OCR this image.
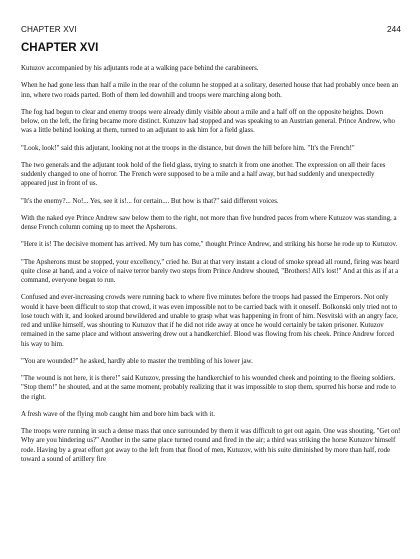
CHAPTER XVI	244
CHAPTER XVI

Kutuzov accompanied by his adjutants rode at a walking pace behind the carabineers.

When he had gone less than half a mile in the rear of the column he stopped at a solitary, deserted house that had probably once been an inn, where two roads parted. Both of them led downhill and troops were marching along both.

The fog had begun to clear and enemy troops were already dimly visible about a mile and a half off on the opposite heights. Down below, on the left, the firing became more distinct. Kutuzov had stopped and was speaking to an Austrian general. Prince Andrew, who was a little behind looking at them, turned to an adjutant to ask him for a field glass.

"Look, look!" said this adjutant, looking not at the troops in the distance, but down the hill before him. "It's the French!"

The two generals and the adjutant took hold of the field glass, trying to snatch it from one another. The expression on all their faces suddenly changed to one of horror. The French were supposed to be a mile and a half away, but had suddenly and unexpectedly appeared just in front of us.

"It's the enemy?... No!... Yes, see it is!... for certain.... But how is that?" said different voices.

With the naked eye Prince Andrew saw below them to the right, not more than five hundred paces from where Kutuzov was standing, a dense French column coming up to meet the Apsherons.

"Here it is! The decisive moment has arrived. My turn has come," thought Prince Andrew, and striking his horse he rode up to Kutuzov.

"The Apsherons must be stopped, your excellency," cried he. But at that very instant a cloud of smoke spread all round, firing was heard quite close at hand, and a voice of naive terror barely two steps from Prince Andrew shouted, "Brothers! All's lost!" And at this as if at a command, everyone began to run.

Confused and ever-increasing crowds were running back to where five minutes before the troops had passed the Emperors. Not only would it have been difficult to stop that crowd, it was even impossible not to be carried back with it oneself. Bolkonski only tried not to lose touch with it, and looked around bewildered and unable to grasp what was happening in front of him. Nesvitski with an angry face, red and unlike himself, was shouting to Kutuzov that if he did not ride away at once he would certainly be taken prisoner. Kutuzov remained in the same place and without answering drew out a handkerchief. Blood was flowing from his cheek. Prince Andrew forced his way to him.

"You are wounded?" he asked, hardly able to master the trembling of his lower jaw.

"The wound is not here, it is there!" said Kutuzov, pressing the handkerchief to his wounded cheek and pointing to the fleeing soldiers. "Stop them!" he shouted, and at the same moment, probably realizing that it was impossible to stop them, spurred his horse and rode to the right.

A fresh wave of the flying mob caught him and bore him back with it.

The troops were running in such a dense mass that once surrounded by them it was difficult to get out again. One was shouting, "Get on! Why are you hindering us?" Another in the same place turned round and fired in the air; a third was striking the horse Kutuzov himself rode. Having by a great effort got away to the left from that flood of men, Kutuzov, with his suite diminished by more than half, rode toward a sound of artillery fire
